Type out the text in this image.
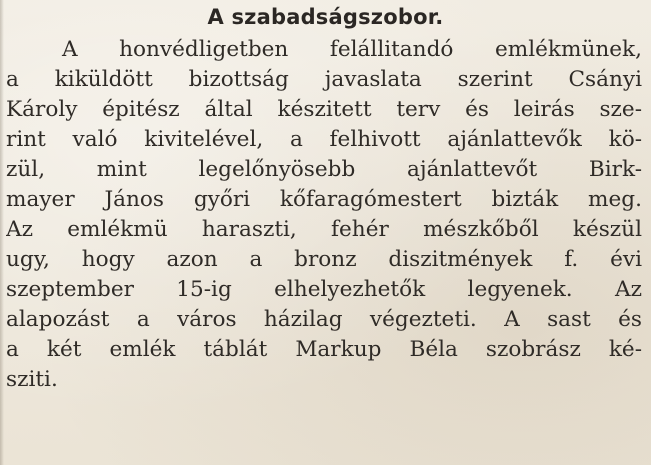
A szabadságszobor.
A honvédligetben felállitandó emlékmünek,
a kiküldött bizottság javaslata szerint Csányi
Károly épitész által készitett terv és leirás sze-
rint való kivitelével, a felhivott ajánlattevők kö-
zül, mint legelőnyösebb ajánlattevőt Birk-
mayer János győri kőfaragómestert bizták meg.
Az emlékmü haraszti, fehér mészkőből készül
ugy, hogy azon a bronz diszitmények f. évi
szeptember 15-ig elhelyezhetők legyenek. Az
alapozást a város házilag végezteti. A sast és
a két emlék táblát Markup Béla szobrász ké-
sziti.
